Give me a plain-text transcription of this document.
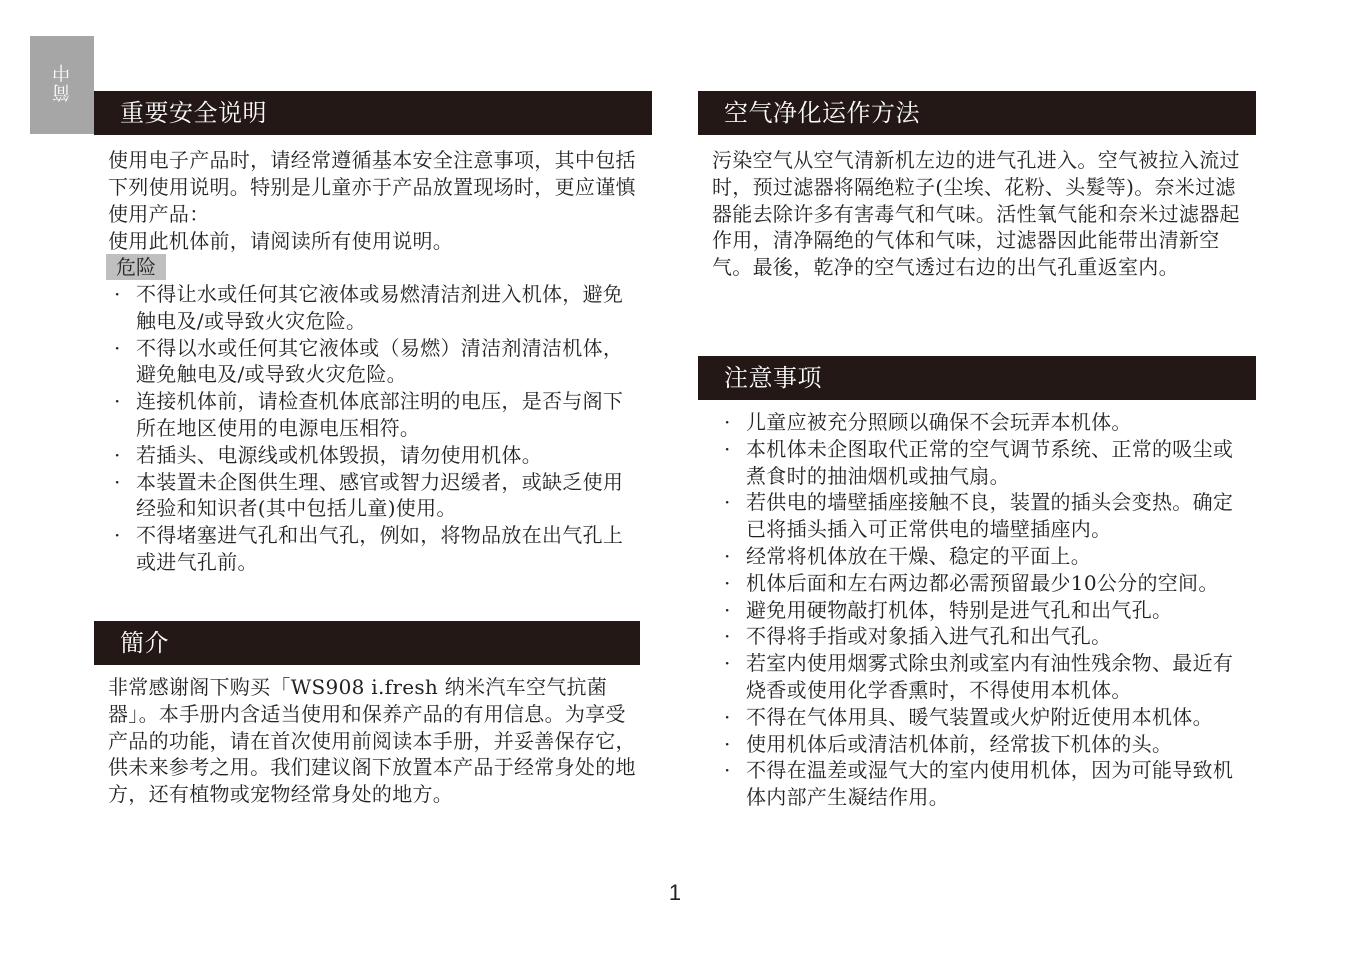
简中
重要安全说明

使用电子产品时，请经常遵循基本安全注意事项，其中包括下列使用说明。特别是儿童亦于产品放置现场时，更应谨慎使用产品：

使用此机体前，请阅读所有使用说明。

危险
· 不得让水或任何其它液体或易燃清洁剂进入机体，避免触电及/或导致火灾危险。
· 不得以水或任何其它液体或（易燃）清洁剂清洁机体，避免触电及/或导致火灾危险。
· 连接机体前，请检查机体底部注明的电压，是否与阁下所在地区使用的电源电压相符。
· 若插头、电源线或机体毁损，请勿使用机体。
· 本装置未企图供生理、感官或智力迟缓者，或缺乏使用经验和知识者(其中包括儿童)使用。
· 不得堵塞进气孔和出气孔，例如，将物品放在出气孔上或进气孔前。
簡介

非常感谢阁下购买「WS908 i.fresh 纳米汽车空气抗菌器」。本手册内含适当使用和保养产品的有用信息。为享受产品的功能，请在首次使用前阅读本手册，并妥善保存它，供未来参考之用。我们建议阁下放置本产品于经常身处的地方，还有植物或宠物经常身处的地方。

空气净化运作方法

污染空气从空气清新机左边的进气孔进入。空气被拉入流过时，预过滤器将隔绝粒子(尘埃、花粉、头髮等)。奈米过滤器能去除许多有害毒气和气味。活性氧气能和奈米过滤器起作用，清净隔绝的气体和气味，过滤器因此能带出清新空气。最後，乾净的空气透过右边的出气孔重返室内。

注意事项
· 儿童应被充分照顾以确保不会玩弄本机体。
· 本机体未企图取代正常的空气调节系统、正常的吸尘或煮食时的抽油烟机或抽气扇。
· 若供电的墙壁插座接触不良，装置的插头会变热。确定已将插头插入可正常供电的墙壁插座内。
· 经常将机体放在干燥、稳定的平面上。
· 机体后面和左右两边都必需预留最少10公分的空间。
· 避免用硬物敲打机体，特别是进气孔和出气孔。
· 不得将手指或对象插入进气孔和出气孔。
· 若室内使用烟雾式除虫剂或室内有油性残余物、最近有烧香或使用化学香熏时，不得使用本机体。
· 不得在气体用具、暖气装置或火炉附近使用本机体。
· 使用机体后或清洁机体前，经常拔下机体的头。
· 不得在温差或湿气大的室内使用机体，因为可能导致机体内部产生凝结作用。
1
